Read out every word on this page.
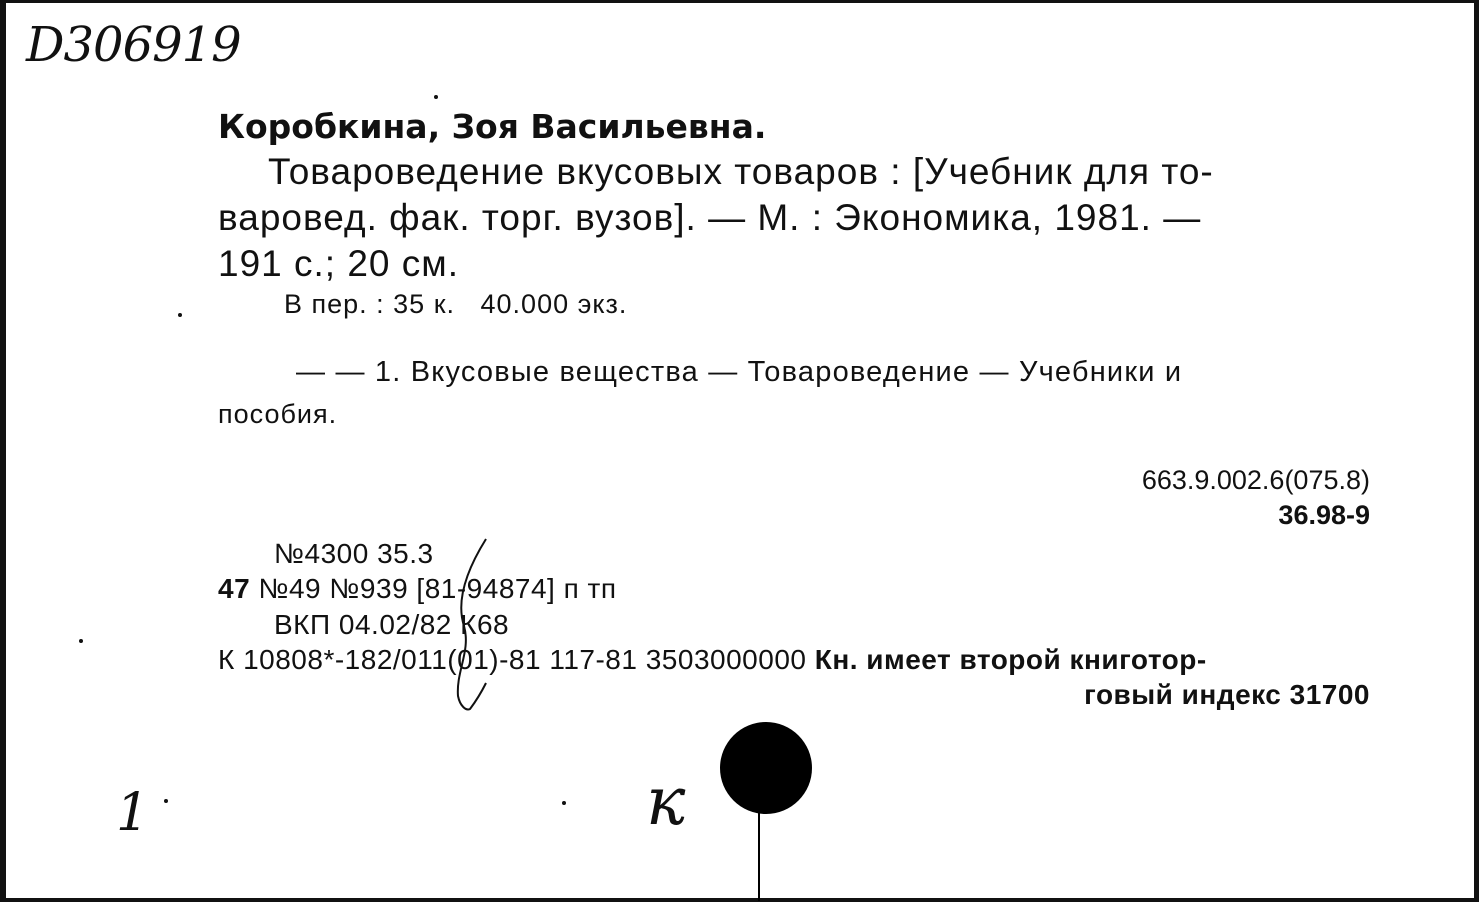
D306919
Коробкина, Зоя Васильевна.
Товароведение вкусовых товаров : [Учебник для то-
варовед. фак. торг. вузов]. — М. : Экономика, 1981. —
191 с.; 20 см.
В пер. : 35 к.   40.000 экз.
— — 1. Вкусовые вещества — Товароведение — Учебники и
пособия.
663.9.002.6(075.8)
36.98-9
№4300 35.3
47 №49 №939 [81-94874] п тп
ВКП 04.02/82 К68
К 10808*-182/011(01)-81 117-81 3503000000 Кн. имеет второй книготор-
говый индекс 31700
1	к
